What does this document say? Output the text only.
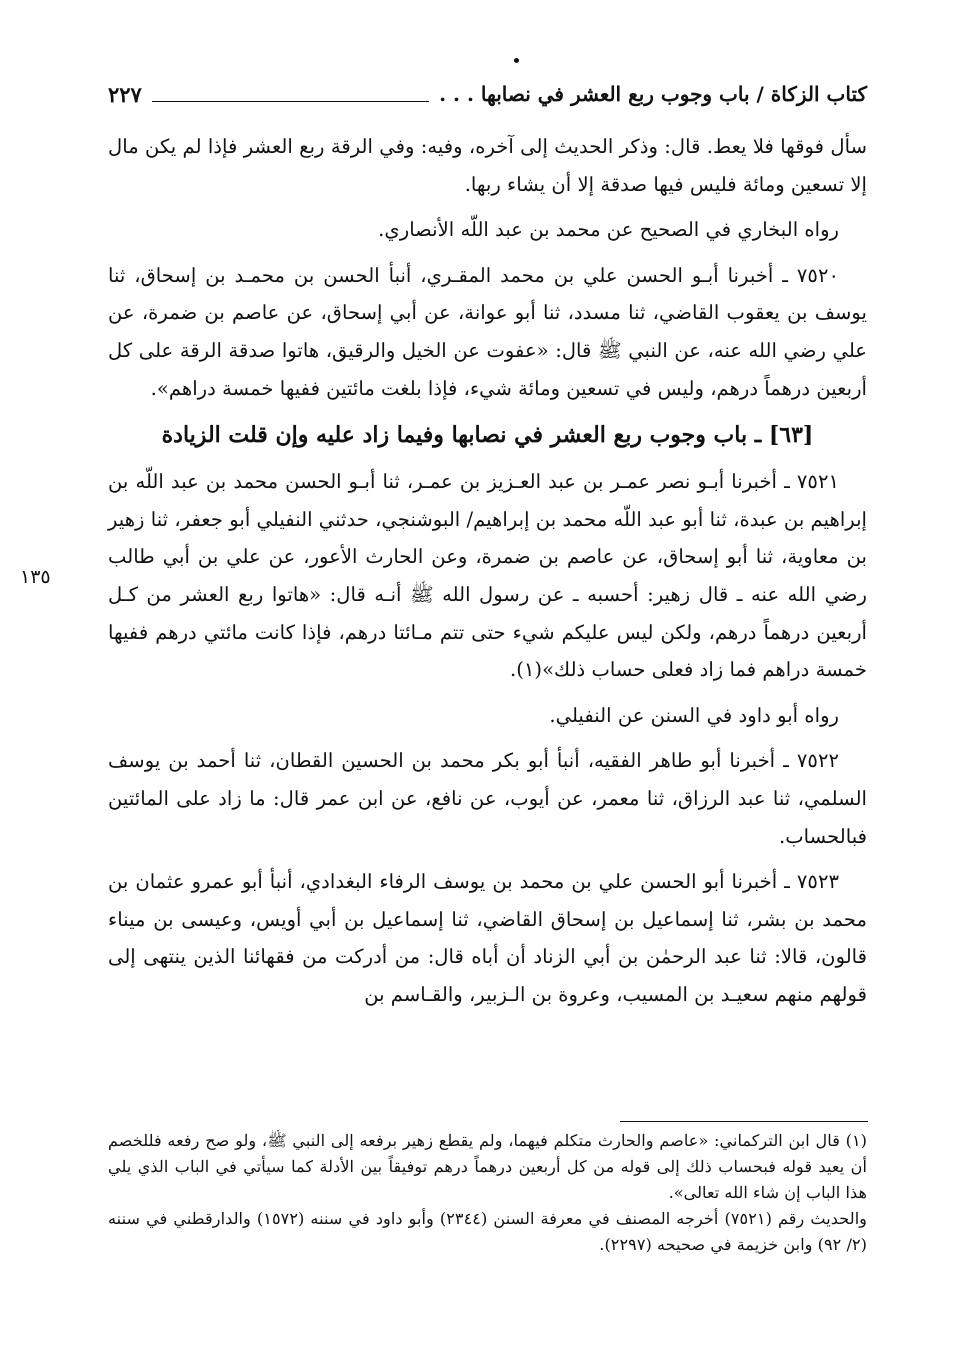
كتاب الزكاة / باب وجوب ربع العشر في نصابها . . .
٢٢٧
١٣٥

سأل فوقها فلا يعط. قال: وذكر الحديث إلى آخره، وفيه: وفي الرقة ربع العشر فإذا لم يكن مال إلا تسعين ومائة فليس فيها صدقة إلا أن يشاء ربها.

رواه البخاري في الصحيح عن محمد بن عبد اللّه الأنصاري.

٧٥٢٠ ـ أخبرنا أبـو الحسن علي بن محمد المقـري، أنبأ الحسن بن محمـد بن إسحاق، ثنا يوسف بن يعقوب القاضي، ثنا مسدد، ثنا أبو عوانة، عن أبي إسحاق، عن عاصم بن ضمرة، عن علي رضي الله عنه، عن النبي ﷺ قال: «عفوت عن الخيل والرقيق، هاتوا صدقة الرقة على كل أربعين درهماً درهم، وليس في تسعين ومائة شيء، فإذا بلغت مائتين ففيها خمسة دراهم».

[٦٣] ـ باب وجوب ربع العشر في نصابها وفيما زاد عليه وإن قلت الزيادة

٧٥٢١ ـ أخبرنا أبـو نصر عمـر بن عبد العـزيز بن عمـر، ثنا أبـو الحسن محمد بن عبد اللّه بن إبراهيم بن عبدة، ثنا أبو عبد اللّه محمد بن إبراهيم/ البوشنجي، حدثني النفيلي أبو جعفر، ثنا زهير بن معاوية، ثنا أبو إسحاق، عن عاصم بن ضمرة، وعن الحارث الأعور، عن علي بن أبي طالب رضي الله عنه ـ قال زهير: أحسبه ـ عن رسول الله ﷺ أنـه قال: «هاتوا ربع العشر من كـل أربعين درهماً درهم، ولكن ليس عليكم شيء حتى تتم مـائتا درهم، فإذا كانت مائتي درهم ففيها خمسة دراهم فما زاد فعلى حساب ذلك»(١).

رواه أبو داود في السنن عن النفيلي.

٧٥٢٢ ـ أخبرنا أبو طاهر الفقيه، أنبأ أبو بكر محمد بن الحسين القطان، ثنا أحمد بن يوسف السلمي، ثنا عبد الرزاق، ثنا معمر، عن أيوب، عن نافع، عن ابن عمر قال: ما زاد على المائتين فبالحساب.

٧٥٢٣ ـ أخبرنا أبو الحسن علي بن محمد بن يوسف الرفاء البغدادي، أنبأ أبو عمرو عثمان بن محمد بن بشر، ثنا إسماعيل بن إسحاق القاضي، ثنا إسماعيل بن أبي أويس، وعيسى بن ميناء قالون، قالا: ثنا عبد الرحمٰن بن أبي الزناد أن أباه قال: من أدركت من فقهائنا الذين ينتهى إلى قولهم منهم سعيـد بن المسيب، وعروة بن الـزبير، والقـاسم بن

(١) قال ابن التركماني: «عاصم والحارث متكلم فيهما، ولم يقطع زهير برفعه إلى النبي ﷺ، ولو صح رفعه فللخصم أن يعيد قوله فبحساب ذلك إلى قوله من كل أربعين درهماً درهم توفيقاً بين الأدلة كما سيأتي في الباب الذي يلي هذا الباب إن شاء الله تعالى».

والحديث رقم (٧٥٢١) أخرجه المصنف في معرفة السنن (٢٣٤٤) وأبو داود في سننه (١٥٧٢) والدارقطني في سننه (٢/ ٩٢) وابن خزيمة في صحيحه (٢٢٩٧).
